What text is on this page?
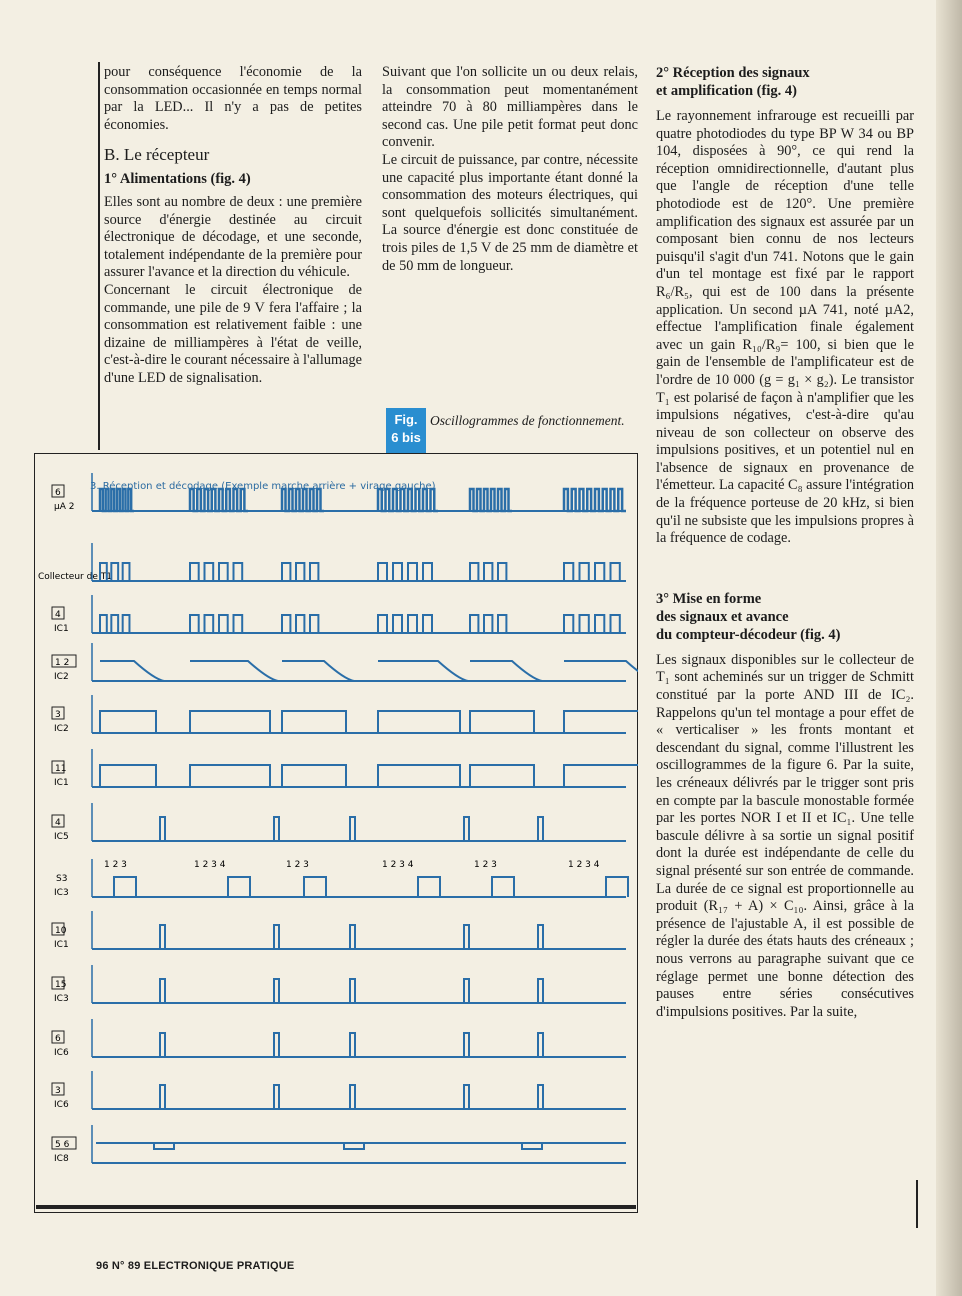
pour conséquence l'économie de la consommation occasionnée en temps normal par la LED... Il n'y a pas de petites économies.

B. Le récepteur
1° Alimentations (fig. 4)

Elles sont au nombre de deux : une première source d'énergie destinée au circuit électronique de décodage, et une seconde, totalement indépendante de la première pour assurer l'avance et la direction du véhicule.

Concernant le circuit électronique de commande, une pile de 9 V fera l'affaire ; la consommation est relativement faible : une dizaine de milliampères à l'état de veille, c'est-à-dire le courant nécessaire à l'allumage d'une LED de signalisation.

Suivant que l'on sollicite un ou deux relais, la consommation peut momentanément atteindre 70 à 80 milliampères dans le second cas. Une pile petit format peut donc convenir.

Le circuit de puissance, par contre, nécessite une capacité plus importante étant donné la consommation des moteurs électriques, qui sont quelquefois sollicités simultanément. La source d'énergie est donc constituée de trois piles de 1,5 V de 25 mm de diamètre et de 50 mm de longueur.

Fig.
6 bis
Oscillogrammes de fonctionnement.
2° Réception des signaux
et amplification (fig. 4)

Le rayonnement infrarouge est recueilli par quatre photodiodes du type BP W 34 ou BP 104, disposées à 90°, ce qui rend la réception omnidirectionnelle, d'autant plus que l'angle de réception d'une telle photodiode est de 120°. Une première amplification des signaux est assurée par un composant bien connu de nos lecteurs puisqu'il s'agit d'un 741. Notons que le gain d'un tel montage est fixé par le rapport R₆/R₅, qui est de 100 dans la présente application. Un second µA 741, noté µA2, effectue l'amplification finale également avec un gain R₁₀/R₉= 100, si bien que le gain de l'ensemble de l'amplificateur est de l'ordre de 10 000 (g = g₁ × g₂). Le transistor T₁ est polarisé de façon à n'amplifier que les impulsions négatives, c'est-à-dire qu'au niveau de son collecteur on observe des impulsions positives, et un potentiel nul en l'absence de signaux en provenance de l'émetteur. La capacité C₈ assure l'intégration de la fréquence porteuse de 20 kHz, si bien qu'il ne subsiste que les impulsions propres à la fréquence de codage.

3° Mise en forme
des signaux et avance
du compteur-décodeur (fig. 4)

Les signaux disponibles sur le collecteur de T₁ sont acheminés sur un trigger de Schmitt constitué par la porte AND III de IC₂. Rappelons qu'un tel montage a pour effet de « verticaliser » les fronts montant et descendant du signal, comme l'illustrent les oscillogrammes de la figure 6. Par la suite, les créneaux délivrés par le trigger sont pris en compte par la bascule monostable formée par les portes NOR I et II et IC₁. Une telle bascule délivre à sa sortie un signal positif dont la durée est indépendante de celle du signal présenté sur son entrée de commande. La durée de ce signal est proportionnelle au produit (R₁₇ + A) × C₁₀. Ainsi, grâce à la présence de l'ajustable A, il est possible de régler la durée des états hauts des créneaux ; nous verrons au paragraphe suivant que ce réglage permet une bonne détection des pauses entre séries consécutives d'impulsions positives. Par la suite,

3. Réception et décodage (Exemple marche arrière + virage gauche)
6
µA 2
Collecteur de T1
4
IC1
1 2
IC2
3
IC2
11
IC1
4
IC5
S3
IC3
10
IC1
15
IC3
6
IC6
3
IC6
5 6
IC8
1 2 3	1 2 3 4	1 2 3	1 2 3 4	1 2 3	1 2 3 4
96 N° 89 ELECTRONIQUE PRATIQUE
